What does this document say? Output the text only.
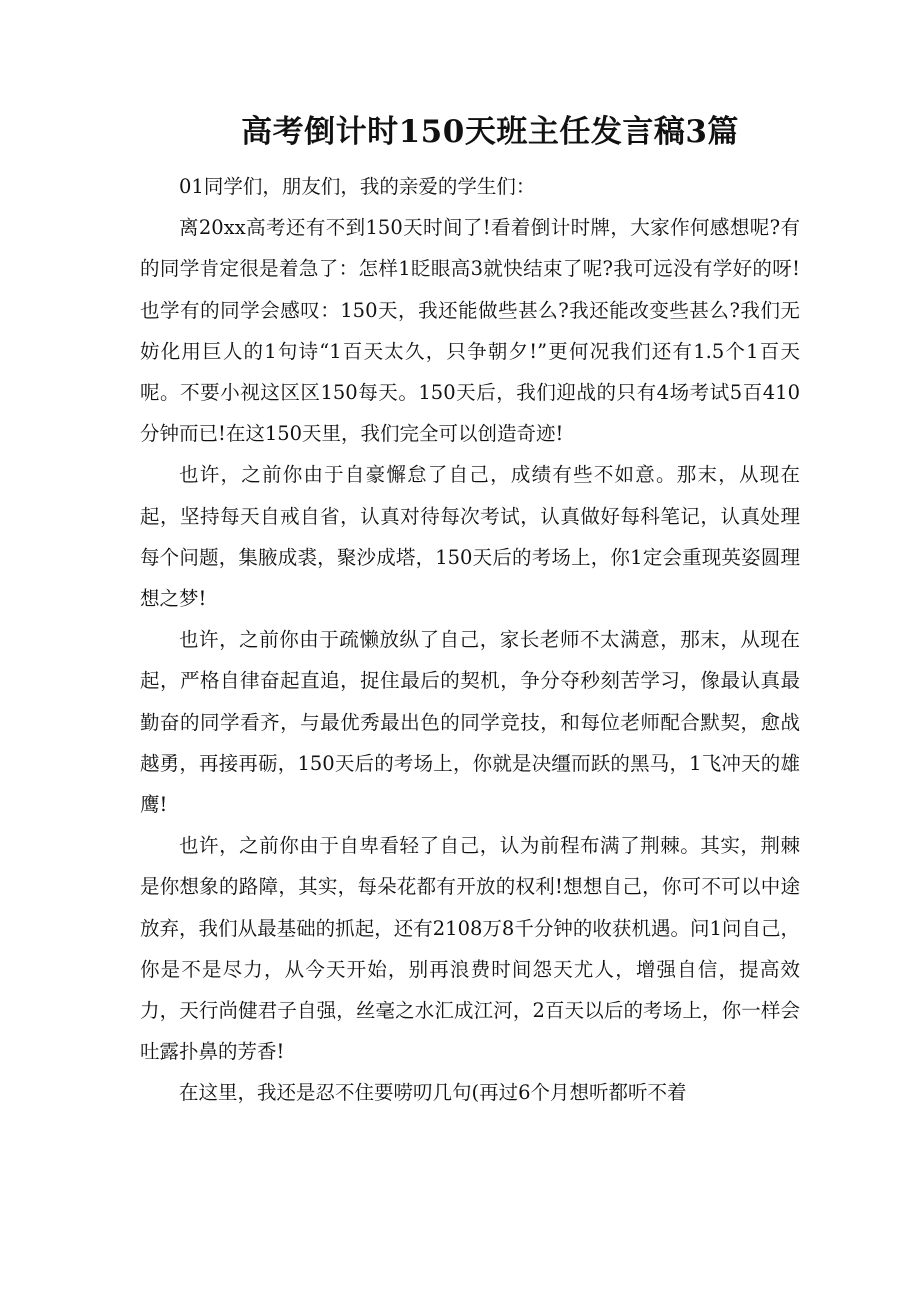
高考倒计时150天班主任发言稿3篇

01同学们，朋友们，我的亲爱的学生们：

离20xx高考还有不到150天时间了!看着倒计时牌，大家作何感想呢?有的同学肯定很是着急了：怎样1眨眼高3就快结束了呢?我可远没有学好的呀!也学有的同学会感叹：150天，我还能做些甚么?我还能改变些甚么?我们无妨化用巨人的1句诗“1百天太久，只争朝夕!”更何况我们还有1.5个1百天呢。不要小视这区区150每天。150天后，我们迎战的只有4场考试5百410分钟而已!在这150天里，我们完全可以创造奇迹!

也许，之前你由于自豪懈怠了自己，成绩有些不如意。那末，从现在起，坚持每天自戒自省，认真对待每次考试，认真做好每科笔记，认真处理每个问题，集腋成裘，聚沙成塔，150天后的考场上，你1定会重现英姿圆理想之梦!

也许，之前你由于疏懒放纵了自己，家长老师不太满意，那末，从现在起，严格自律奋起直追，捉住最后的契机，争分夺秒刻苦学习，像最认真最勤奋的同学看齐，与最优秀最出色的同学竞技，和每位老师配合默契，愈战越勇，再接再砺，150天后的考场上，你就是决缰而跃的黑马，1飞冲天的雄鹰!

也许，之前你由于自卑看轻了自己，认为前程布满了荆棘。其实，荆棘是你想象的路障，其实，每朵花都有开放的权利!想想自己，你可不可以中途放弃，我们从最基础的抓起，还有2108万8千分钟的收获机遇。问1问自己，你是不是尽力，从今天开始，别再浪费时间怨天尤人，增强自信，提高效力，天行尚健君子自强，丝毫之水汇成江河，2百天以后的考场上，你一样会吐露扑鼻的芳香!

在这里，我还是忍不住要唠叨几句(再过6个月想听都听不着
